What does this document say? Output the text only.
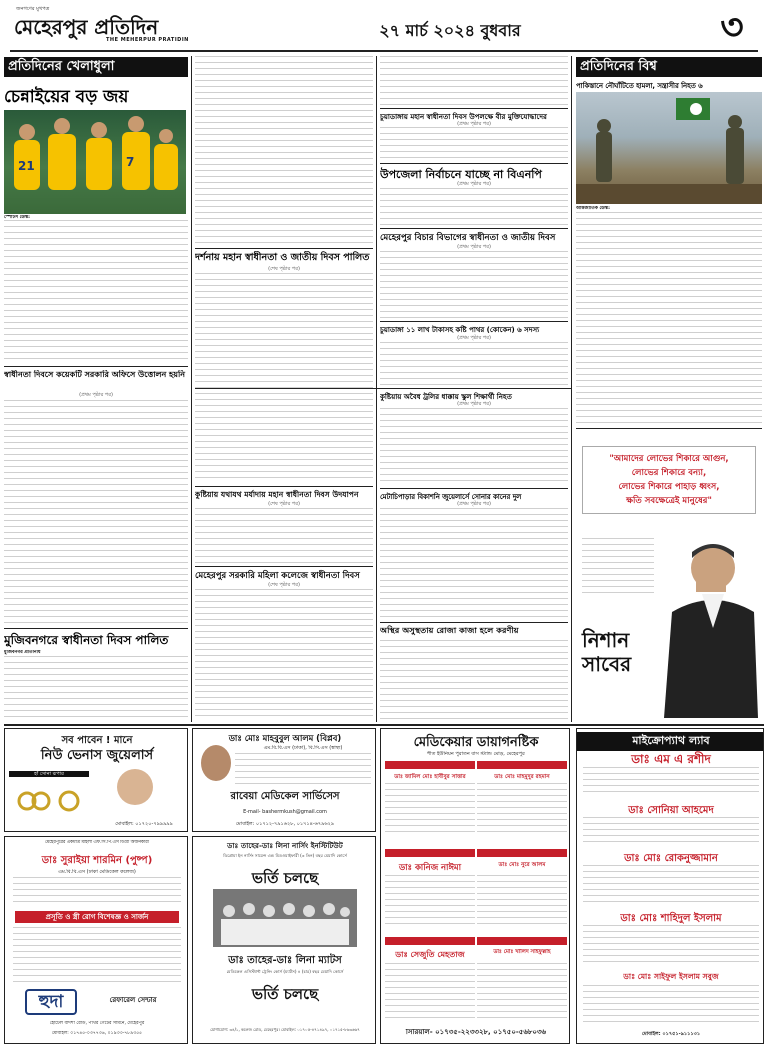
জনগণের মুখপত্র
মেহেরপুর প্রতিদিন
THE MEHERPUR PRATIDIN	২৭ মার্চ ২০২৪ বুধবার	৩
প্রতিদিনের খেলাধুলা
চেন্নাইয়ের বড় জয়
21	7
স্পোর্টস ডেস্ক:
স্বাধীনতা দিবসে কয়েকটি সরকারি অফিসে উত্তোলন হয়নি
(প্রথম পৃষ্ঠার পর)
মুজিবনগরে স্বাধীনতা দিবস পালিত
মুজিবনগর প্রতিনিধি
দর্শনায় মহান স্বাধীনতা ও জাতীয় দিবস পালিত
(শেষ পৃষ্ঠার পর)
কুষ্টিয়ায় যথাযথ মর্যাদায় মহান স্বাধীনতা দিবস উদযাপন
(শেষ পৃষ্ঠার পর)
চুয়াডাঙ্গায় মহান স্বাধীনতা দিবস উপলক্ষে বীর মুক্তিযোদ্ধাদের
(প্রথম পৃষ্ঠার পর)
উপজেলা নির্বাচনে যাচ্ছে না বিএনপি
(প্রথম পৃষ্ঠার পর)
মেহেরপুর বিচার বিভাগের স্বাধীনতা ও জাতীয় দিবস
(প্রথম পৃষ্ঠার পর)
চুয়াডাঙ্গা ১১ লাখ টাকাসহ কষ্টি পাথর (কোকেন) ৬ সদস্য
(প্রথম পৃষ্ঠার পর)
কুষ্টিয়ায় অবৈধ ট্রলির ধাক্কায় স্কুল শিক্ষার্থী নিহত
(প্রথম পৃষ্ঠার পর)
মেটাচিপাড়ার বিকাশনি জুয়েলার্সে সোনার কানের দুল
(প্রথম পৃষ্ঠার পর)
মেহেরপুর সরকারি মহিলা কলেজে স্বাধীনতা দিবস
(শেষ পৃষ্ঠার পর)
অস্থির অসুস্থতায় রোজা কাজা হলে করণীয়
প্রতিদিনের বিশ্ব
পাকিস্তানে নৌঘাঁটিতে হামলা, সন্ত্রাসীর নিহত ৬
আন্তর্জাতিক ডেস্ক:
"আমাদের লোভের শিকারে আগুন,
লোভের শিকারে বন্যা,
লোভের শিকারে পাহাড় ধ্বংস,
ক্ষতি সবক্ষেত্রেই মানুষের"
নিশান সাবের
সব পাবেন ! মানে
নিউ ভেনাস জুয়েলার্স
হাঁ সোনা রূপার
মোবাইল: ০১৭২০-৭৯৯৯৯৯
ডাঃ মোঃ মাহবুবুল আলম (বিপ্লব)
এম.বি.বি.এস (ঢাকা), বি.সি.এস (স্বাস্থ্য)
রাবেয়া মেডিকেল সার্ভিসেস
E-mail- bashermkush@gmail.com
মোবাইল: ০১৭১২-৭৯১৬২৮, ০১৭১৪-৬৭৯৬২৯
মেডিকেয়ার ডায়াগনষ্টিক
শীত ইউনিয়ন পুরাতন বাস স্ট্যান্ড মোড়, মেহেরপুর
ডাঃ জামিল মোঃ হাবীবুর সাত্তার	ডাঃ মোঃ মাহমুদুর রহমান
ডাঃ কানিজ নাঈমা	ডাঃ মোঃ নুরে আলম
ডাঃ সেজুতি মেহতাজ	ডাঃ মোঃ খালিদ সাইফুল্লাহ
সিরিয়াল- ০১৭৩৫-২২৩৩২৮, ০১৭৫০-৫৬৮০৩৬
মাইক্রোপ্যাথ ল্যাব
ডাঃ এম এ রশীদ
ডাঃ সোনিয়া আহমেদ
ডাঃ মোঃ রোকনুজ্জামান
ডাঃ মোঃ শাহিদুল ইসলাম
ডাঃ মোঃ সাইফুল ইসলাম সবুজ
মোবাইল: ০১৭৫১-৯১১১৩১
মেহেরপুরের একমাত্র মহিলা এফ.সি.পি.এস ডিগ্রী অর্জনকারী
ডাঃ সুরাইয়া শারমিন (পুষ্প)
এম.বি.বি.এস (ঢাকা মেডিকেল কলেজ)
প্রসূতি ও স্ত্রী রোগ বিশেষজ্ঞ ও সার্জন
হুদা	রেফারেল সেন্টার
হোটেল বাদশা রোড, পাথর গেটের সামনে, মেহেরপুর
মোবাইল: ০১৭৪৫-০৩৭৭৩৬, ০১৯৩৩-৭৮৯৩৫৫
ডাঃ তাহের-ডাঃ লিনা নার্সিং ইনস্টিটিউট
ডিপ্লোমা ইন নার্সিং সায়েন্স এন্ড মিডওয়াইফারী (৩ তিন) বছর মেয়াদি কোর্সে
ভর্তি চলছে
ডাঃ তাহের-ডাঃ লিনা ম্যাটস
মেডিকেল এসিস্ট্যান্ট ট্রেনিং কোর্স (ম্যাটস) ৪ (চার) বছর মেয়াদি কোর্সে
ভর্তি চলছে
যোগাযোগ: ৩৪/১, কলেজ রোড, মেহেরপুর। মোবাইল: ০১৭০৫-৪৭১৪৯৭, ০১৭১৫-৮৬৩৬৬৭
